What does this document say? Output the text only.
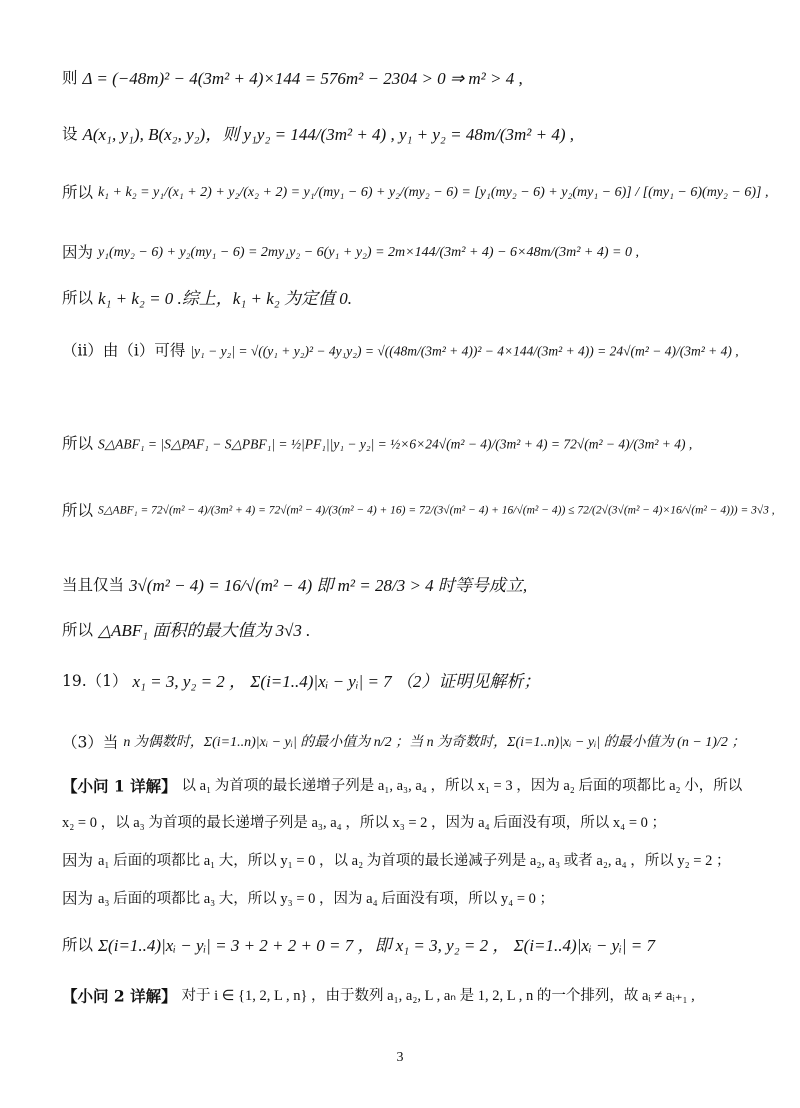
则 Δ = (−48m)² − 4(3m² + 4)×144 = 576m² − 2304 > 0 ⇒ m² > 4 ,
设 A(x₁, y₁), B(x₂, y₂)，则 y₁y₂ = 144/(3m² + 4) , y₁ + y₂ = 48m/(3m² + 4) ,
所以 k₁ + k₂ = y₁/(x₁ + 2) + y₂/(x₂ + 2) = y₁/(my₁ − 6) + y₂/(my₂ − 6) = [y₁(my₂ − 6) + y₂(my₁ − 6)] / [(my₁ − 6)(my₂ − 6)] ,
因为 y₁(my₂ − 6) + y₂(my₁ − 6) = 2my₁y₂ − 6(y₁ + y₂) = 2m×144/(3m² + 4) − 6×48m/(3m² + 4) = 0 ,
所以 k₁ + k₂ = 0 .综上，k₁ + k₂ 为定值 0.
（ii）由（i）可得 |y₁ − y₂| = √((y₁ + y₂)² − 4y₁y₂) = √((48m/(3m² + 4))² − 4×144/(3m² + 4)) = 24√(m² − 4)/(3m² + 4) ,
所以 S△ABF₁ = |S△PAF₁ − S△PBF₁| = ½|PF₁||y₁ − y₂| = ½×6×24√(m² − 4)/(3m² + 4) = 72√(m² − 4)/(3m² + 4) ,
所以 S△ABF₁ = 72√(m² − 4)/(3m² + 4) = 72√(m² − 4)/(3(m² − 4) + 16) = 72/(3√(m² − 4) + 16/√(m² − 4)) ≤ 72/(2√(3√(m² − 4)×16/√(m² − 4))) = 3√3 ,
当且仅当 3√(m² − 4) = 16/√(m² − 4) 即 m² = 28/3 > 4 时等号成立,
所以 △ABF₁ 面积的最大值为 3√3 .
19.（1） x₁ = 3, y₂ = 2 ， Σ(i=1..4)|xᵢ − yᵢ| = 7 （2）证明见解析；
（3）当 n 为偶数时，Σ(i=1..n)|xᵢ − yᵢ| 的最小值为 n/2 ；当 n 为奇数时，Σ(i=1..n)|xᵢ − yᵢ| 的最小值为 (n − 1)/2 ；
【小问 1 详解】 以 a₁ 为首项的最长递增子列是 a₁, a₃, a₄ ，所以 x₁ = 3 ，因为 a₂ 后面的项都比 a₂ 小，所以
x₂ = 0 ，以 a₃ 为首项的最长递增子列是 a₃, a₄ ，所以 x₃ = 2 ，因为 a₄ 后面没有项，所以 x₄ = 0 ；
因为 a₁ 后面的项都比 a₁ 大，所以 y₁ = 0 ，以 a₂ 为首项的最长递减子列是 a₂, a₃ 或者 a₂, a₄ ，所以 y₂ = 2 ；
因为 a₃ 后面的项都比 a₃ 大，所以 y₃ = 0 ，因为 a₄ 后面没有项，所以 y₄ = 0 ；
所以 Σ(i=1..4)|xᵢ − yᵢ| = 3 + 2 + 2 + 0 = 7 ，即 x₁ = 3, y₂ = 2 ， Σ(i=1..4)|xᵢ − yᵢ| = 7
【小问 2 详解】 对于 i ∈ {1, 2, L , n} ，由于数列 a₁, a₂, L , aₙ 是 1, 2, L , n 的一个排列，故 aᵢ ≠ aᵢ₊₁ ,
3
